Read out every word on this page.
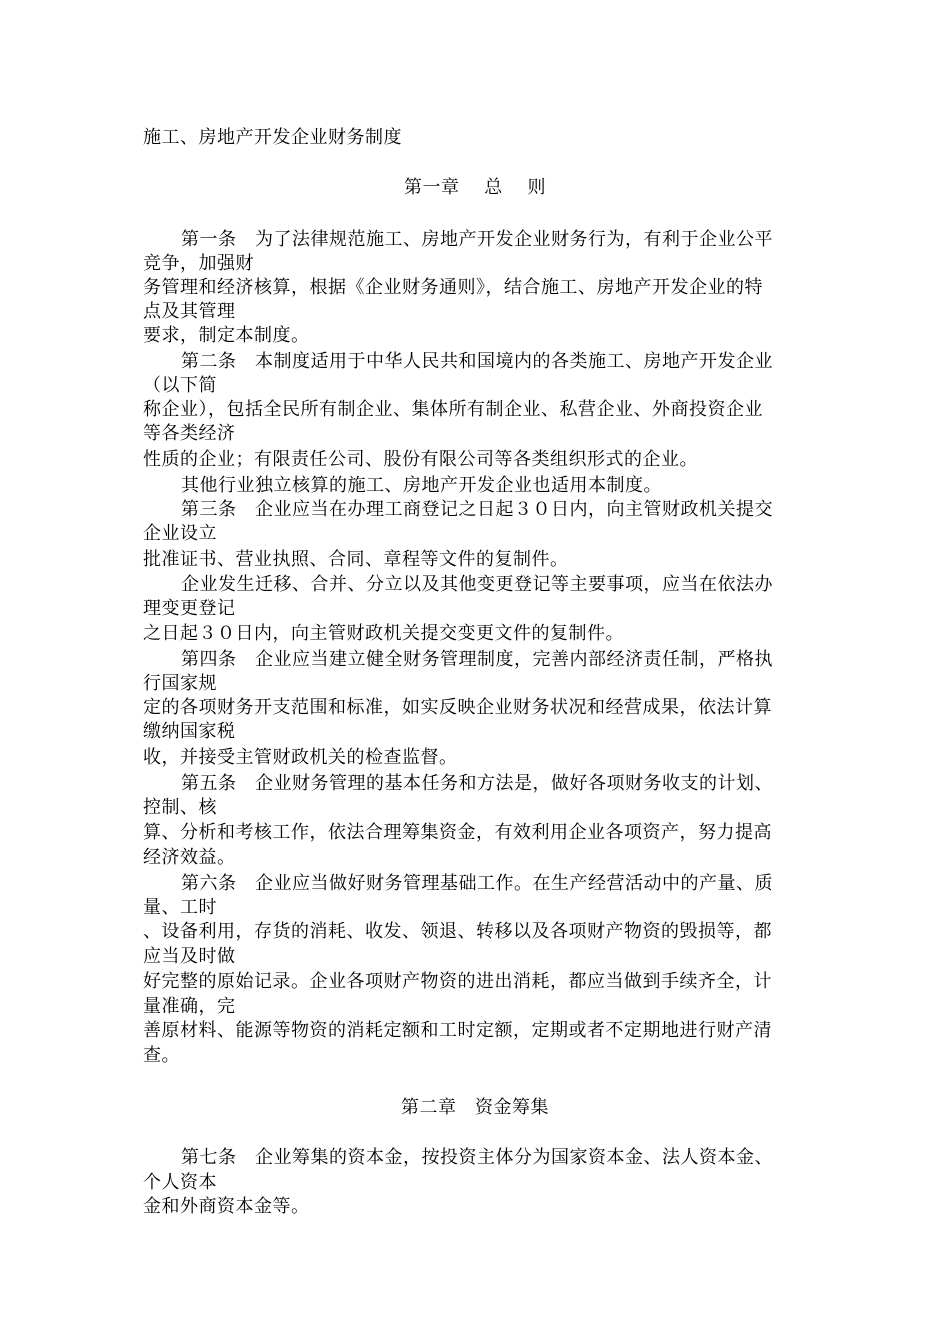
施工、房地产开发企业财务制度
第一章　 总　 则
第一条　为了法律规范施工、房地产开发企业财务行为，有利于企业公平
竞争，加强财
务管理和经济核算，根据《企业财务通则》，结合施工、房地产开发企业的特
点及其管理
要求，制定本制度。
第二条　本制度适用于中华人民共和国境内的各类施工、房地产开发企业
（以下简
称企业），包括全民所有制企业、集体所有制企业、私营企业、外商投资企业
等各类经济
性质的企业；有限责任公司、股份有限公司等各类组织形式的企业。
其他行业独立核算的施工、房地产开发企业也适用本制度。
第三条　企业应当在办理工商登记之日起３０日内，向主管财政机关提交
企业设立
批准证书、营业执照、合同、章程等文件的复制件。
企业发生迁移、合并、分立以及其他变更登记等主要事项，应当在依法办
理变更登记
之日起３０日内，向主管财政机关提交变更文件的复制件。
第四条　企业应当建立健全财务管理制度，完善内部经济责任制，严格执
行国家规
定的各项财务开支范围和标准，如实反映企业财务状况和经营成果，依法计算
缴纳国家税
收，并接受主管财政机关的检查监督。
第五条　企业财务管理的基本任务和方法是，做好各项财务收支的计划、
控制、核
算、分析和考核工作，依法合理筹集资金，有效利用企业各项资产，努力提高
经济效益。
第六条　企业应当做好财务管理基础工作。在生产经营活动中的产量、质
量、工时
、设备利用，存货的消耗、收发、领退、转移以及各项财产物资的毁损等，都
应当及时做
好完整的原始记录。企业各项财产物资的进出消耗，都应当做到手续齐全，计
量准确，完
善原材料、能源等物资的消耗定额和工时定额，定期或者不定期地进行财产清
查。
第二章　资金筹集
第七条　企业筹集的资本金，按投资主体分为国家资本金、法人资本金、
个人资本
金和外商资本金等。
